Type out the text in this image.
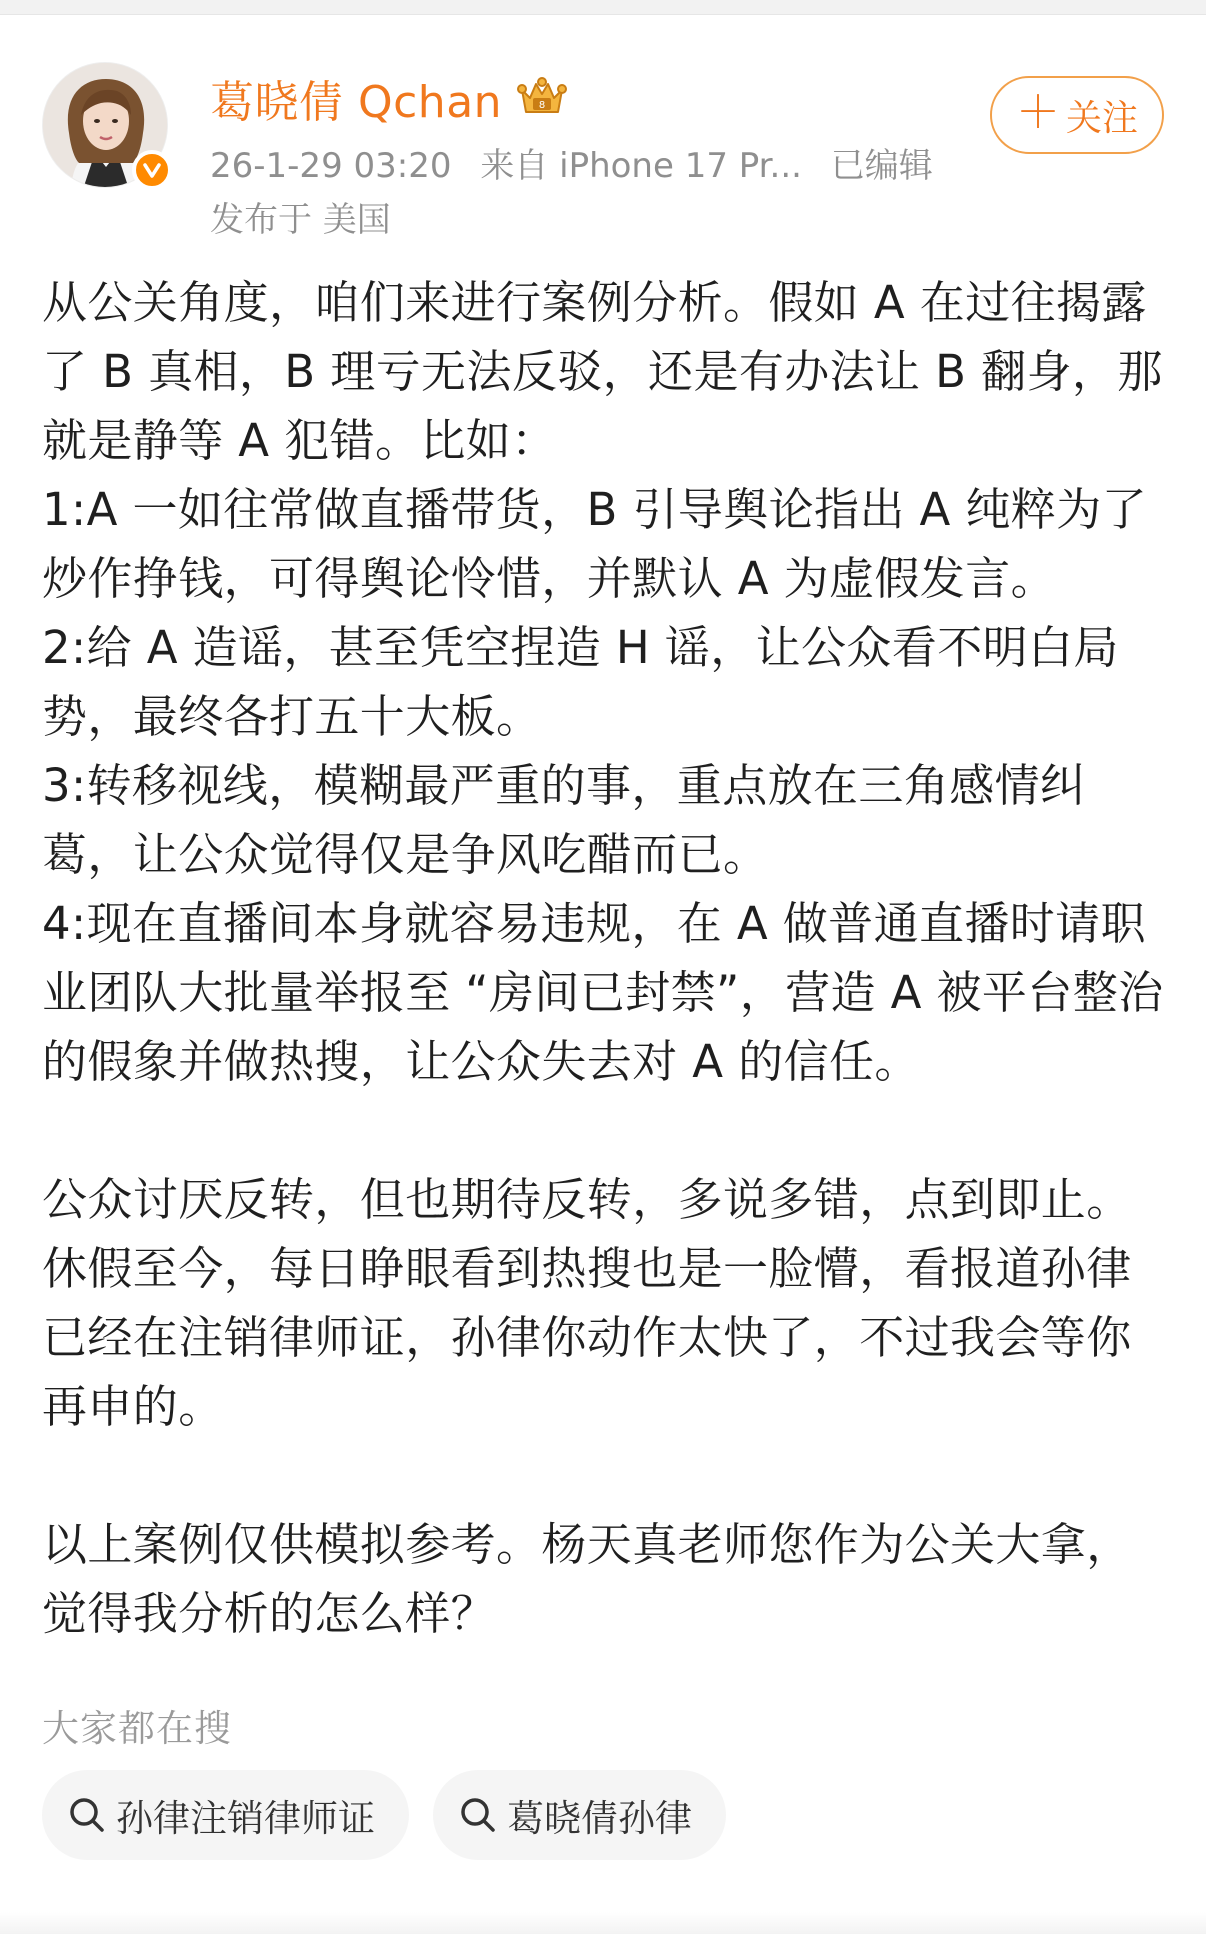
葛晓倩 Qchan	8
26-1-29 03:20 来自 iPhone 17 Pr... 已编辑
发布于 美国
＋ 关注

从公关角度，咱们来进行案例分析。假如 A 在过往揭露了 B 真相，B 理亏无法反驳，还是有办法让 B 翻身，那就是静等 A 犯错。比如：

1:A 一如往常做直播带货，B 引导舆论指出 A 纯粹为了炒作挣钱，可得舆论怜惜，并默认 A 为虚假发言。

2:给 A 造谣，甚至凭空捏造 H 谣，让公众看不明白局势，最终各打五十大板。

3:转移视线，模糊最严重的事，重点放在三角感情纠葛，让公众觉得仅是争风吃醋而已。

4:现在直播间本身就容易违规，在 A 做普通直播时请职业团队大批量举报至 “房间已封禁”，营造 A 被平台整治的假象并做热搜，让公众失去对 A 的信任。

公众讨厌反转，但也期待反转，多说多错，点到即止。休假至今，每日睁眼看到热搜也是一脸懵，看报道孙律已经在注销律师证，孙律你动作太快了，不过我会等你再申的。

以上案例仅供模拟参考。杨天真老师您作为公关大拿，觉得我分析的怎么样？

大家都在搜
孙律注销律师证	葛晓倩孙律
